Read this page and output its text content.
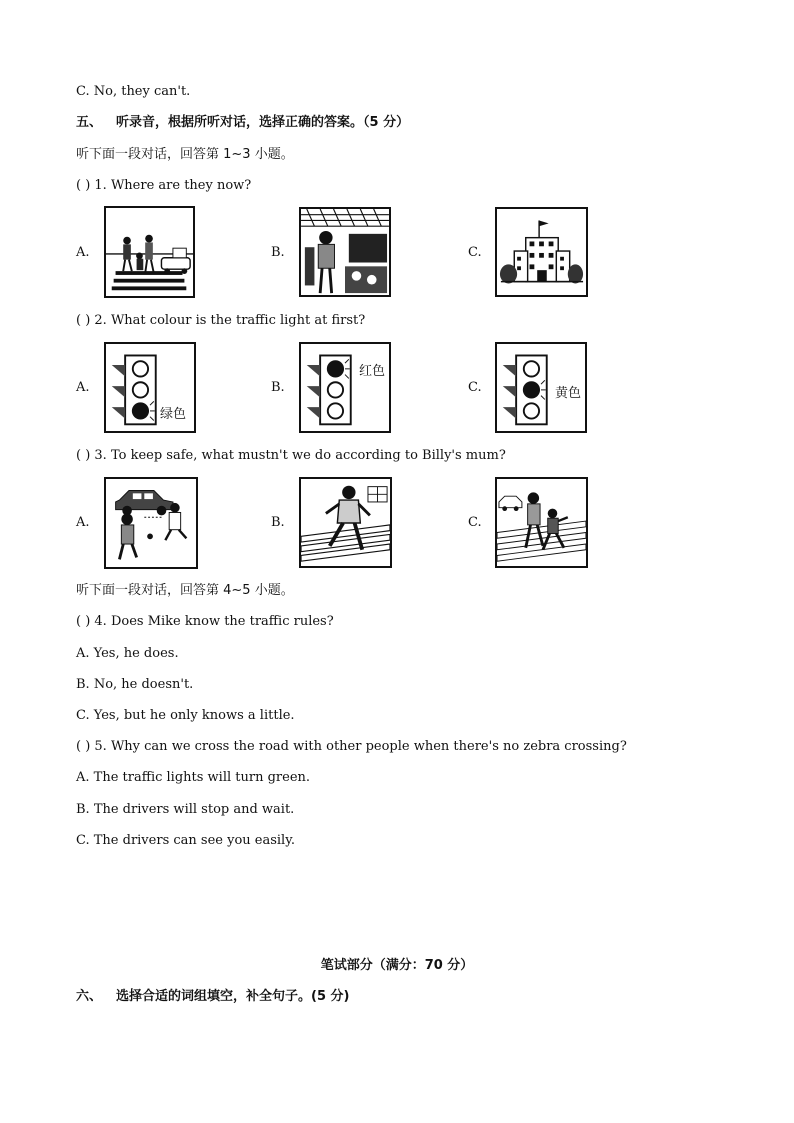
C. No, they can't.
五、 听录音，根据所听对话，选择正确的答案。（5 分）
听下面一段对话，回答第 1~3 小题。
( ) 1. Where are they now?
A.	B.	C.
( ) 2. What colour is the traffic light at first?
A.	B.	C.
绿色
红色
黄色
( ) 3. To keep safe, what mustn't we do according to Billy's mum?
A.	B.	C.
听下面一段对话，回答第 4~5 小题。
( ) 4. Does Mike know the traffic rules?
A. Yes, he does.
B. No, he doesn't.
C. Yes, but he only knows a little.
( ) 5. Why can we cross the road with other people when there's no zebra crossing?
A. The traffic lights will turn green.
B. The drivers will stop and wait.
C. The drivers can see you easily.
笔试部分（满分：70 分）
六、 选择合适的词组填空，补全句子。(5 分)
